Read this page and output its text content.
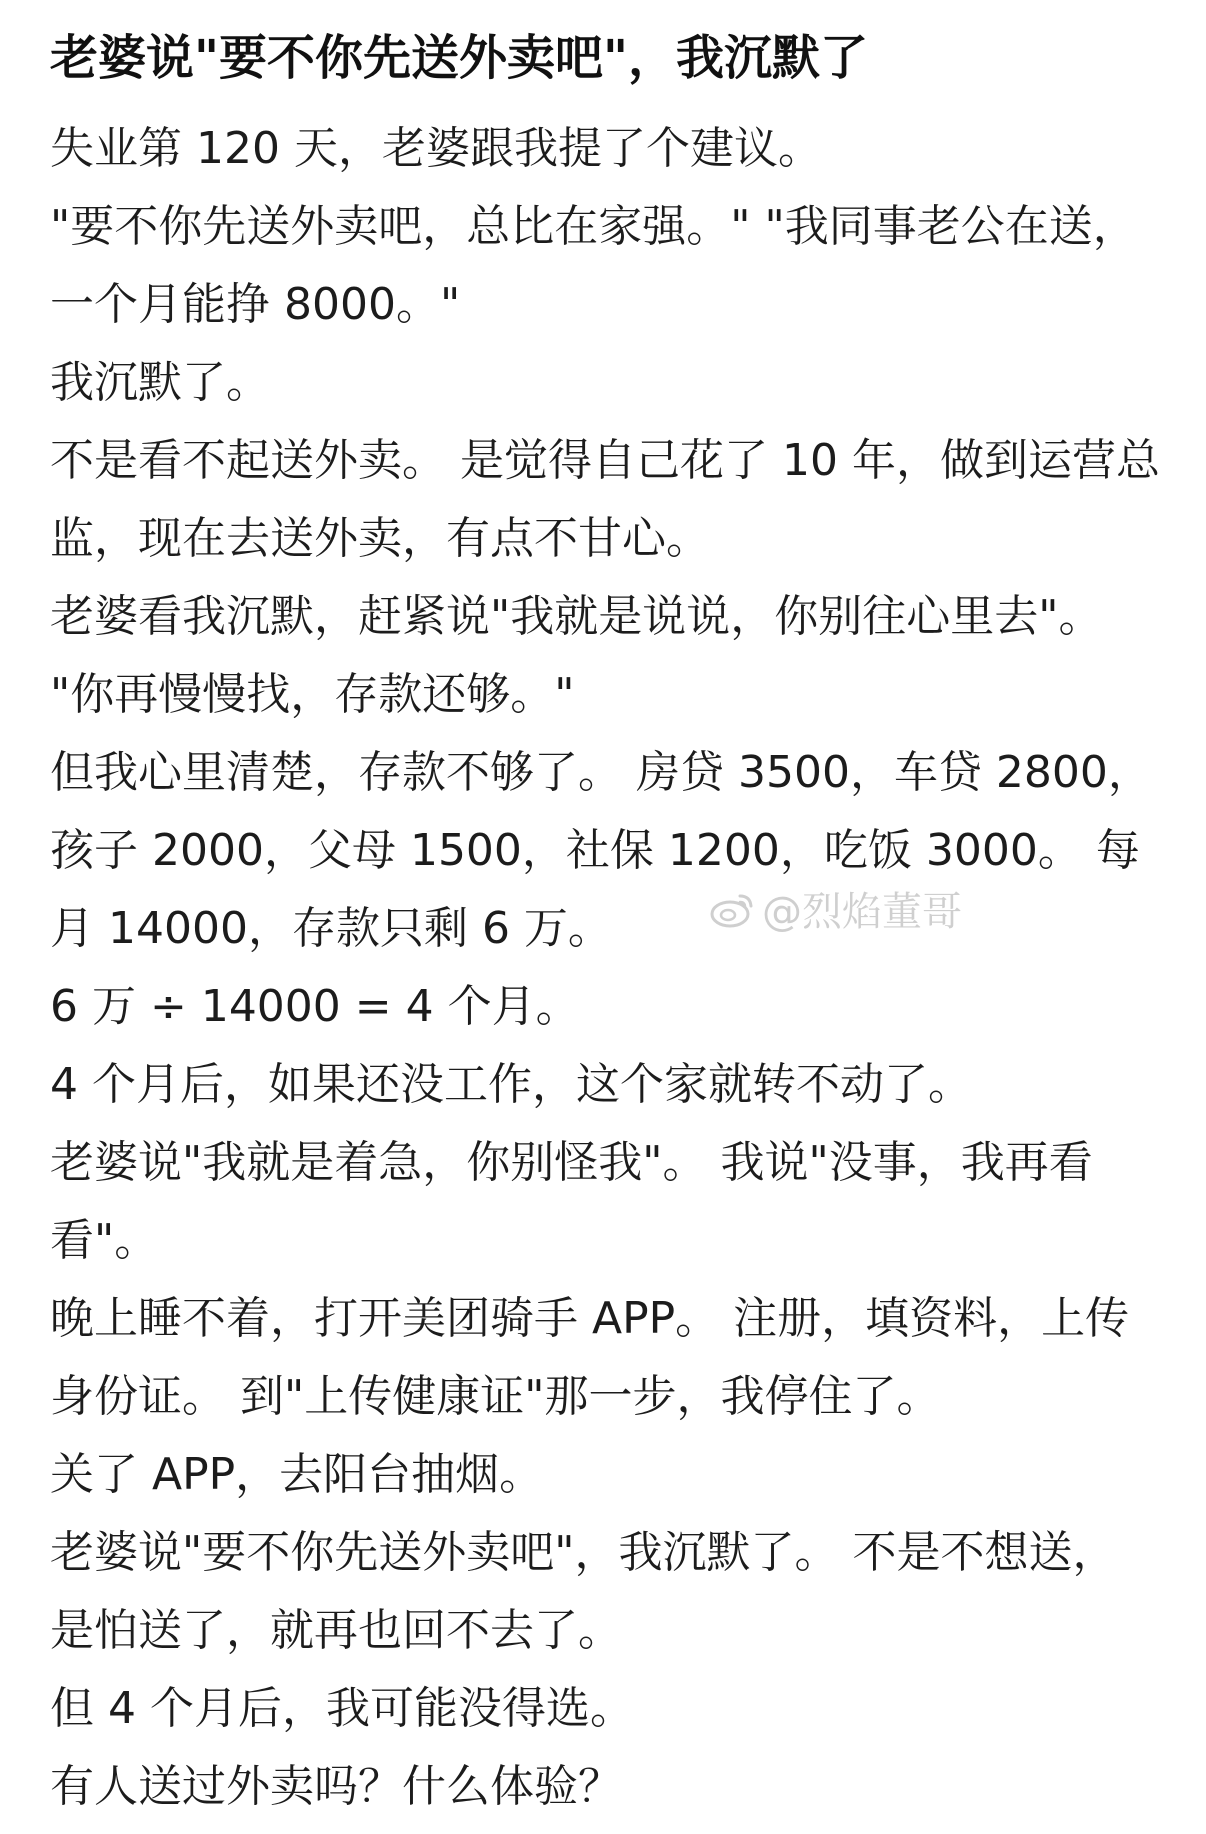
老婆说"要不你先送外卖吧"，我沉默了

失业第 120 天，老婆跟我提了个建议。

"要不你先送外卖吧，总比在家强。" "我同事老公在送，一个月能挣 8000。"

我沉默了。

不是看不起送外卖。 是觉得自己花了 10 年，做到运营总监，现在去送外卖，有点不甘心。

老婆看我沉默，赶紧说"我就是说说，你别往心里去"。 "你再慢慢找，存款还够。"

但我心里清楚，存款不够了。 房贷 3500，车贷 2800，孩子 2000，父母 1500，社保 1200，吃饭 3000。 每月 14000，存款只剩 6 万。

6 万 ÷ 14000 = 4 个月。

4 个月后，如果还没工作，这个家就转不动了。

老婆说"我就是着急，你别怪我"。 我说"没事，我再看看"。

晚上睡不着，打开美团骑手 APP。 注册，填资料，上传身份证。 到"上传健康证"那一步，我停住了。

关了 APP，去阳台抽烟。

老婆说"要不你先送外卖吧"，我沉默了。 不是不想送，是怕送了，就再也回不去了。

但 4 个月后，我可能没得选。

有人送过外卖吗？什么体验？

@烈焰董哥
